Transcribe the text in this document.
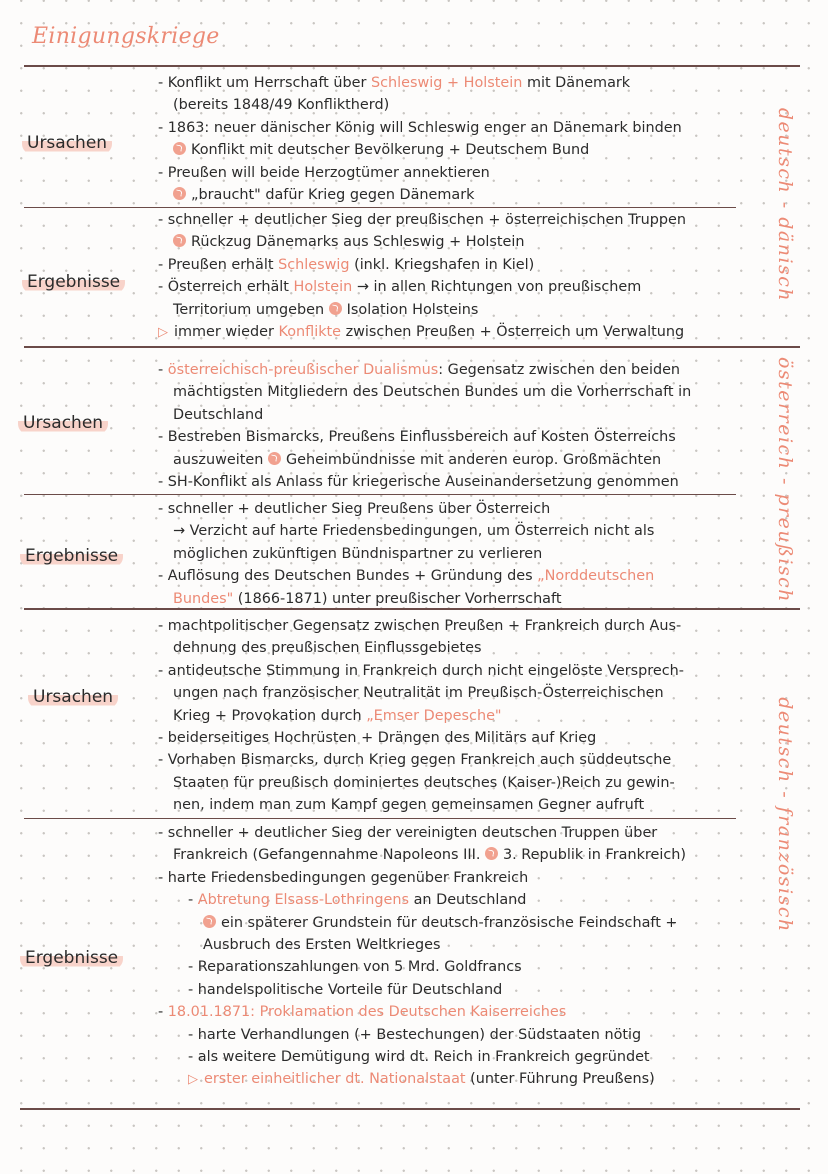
Einigungskriege
Ursachen
Ergebnisse
Ursachen
Ergebnisse
Ursachen
Ergebnisse
- Konflikt um Herrschaft über Schleswig + Holstein mit Dänemark
(bereits 1848/49 Konfliktherd)
- 1863: neuer dänischer König will Schleswig enger an Dänemark binden
Konflikt mit deutscher Bevölkerung + Deutschem Bund
- Preußen will beide Herzogtümer annektieren
„braucht" dafür Krieg gegen Dänemark
- schneller + deutlicher Sieg der preußischen + österreichischen Truppen
Rückzug Dänemarks aus Schleswig + Holstein
- Preußen erhält Schleswig (inkl. Kriegshafen in Kiel)
- Österreich erhält Holstein → in allen Richtungen von preußischem
Territorium umgeben Isolation Holsteins
▷ immer wieder Konflikte zwischen Preußen + Österreich um Verwaltung
- österreichisch-preußischer Dualismus: Gegensatz zwischen den beiden
mächtigsten Mitgliedern des Deutschen Bundes um die Vorherrschaft in
Deutschland
- Bestreben Bismarcks, Preußens Einflussbereich auf Kosten Österreichs
auszuweiten Geheimbündnisse mit anderen europ. Großmächten
- SH-Konflikt als Anlass für kriegerische Auseinandersetzung genommen
- schneller + deutlicher Sieg Preußens über Österreich
→ Verzicht auf harte Friedensbedingungen, um Österreich nicht als
möglichen zukünftigen Bündnispartner zu verlieren
- Auflösung des Deutschen Bundes + Gründung des „Norddeutschen
Bundes" (1866-1871) unter preußischer Vorherrschaft
- machtpolitischer Gegensatz zwischen Preußen + Frankreich durch Aus-
dehnung des preußischen Einflussgebietes
- antideutsche Stimmung in Frankreich durch nicht eingelöste Versprech-
ungen nach französischer Neutralität im Preußisch-Österreichischen
Krieg + Provokation durch „Emser Depesche"
- beiderseitiges Hochrüsten + Drängen des Militärs auf Krieg
- Vorhaben Bismarcks, durch Krieg gegen Frankreich auch süddeutsche
Staaten für preußisch dominiertes deutsches (Kaiser-)Reich zu gewin-
nen, indem man zum Kampf gegen gemeinsamen Gegner aufruft
- schneller + deutlicher Sieg der vereinigten deutschen Truppen über
Frankreich (Gefangennahme Napoleons III. 3. Republik in Frankreich)
- harte Friedensbedingungen gegenüber Frankreich
- Abtretung Elsass-Lothringens an Deutschland
ein späterer Grundstein für deutsch-französische Feindschaft +
Ausbruch des Ersten Weltkrieges
- Reparationszahlungen von 5 Mrd. Goldfrancs
- handelspolitische Vorteile für Deutschland
- 18.01.1871: Proklamation des Deutschen Kaiserreiches
- harte Verhandlungen (+ Bestechungen) der Südstaaten nötig
- als weitere Demütigung wird dt. Reich in Frankreich gegründet
▷ erster einheitlicher dt. Nationalstaat (unter Führung Preußens)
deutsch - dänisch
österreich - preußisch
deutsch - französisch
